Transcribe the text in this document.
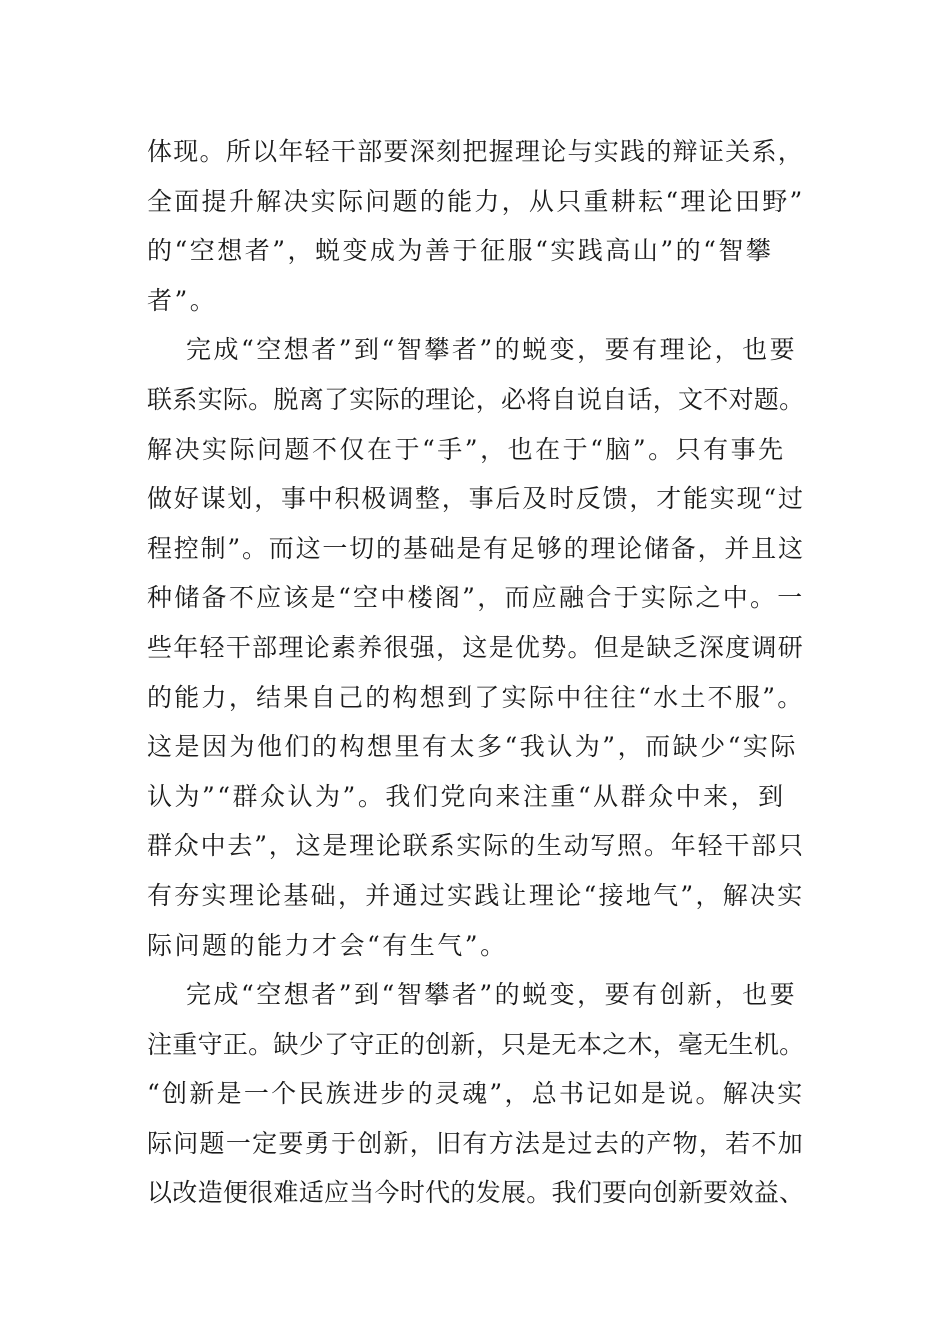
体现。所以年轻干部要深刻把握理论与实践的辩证关系，
全面提升解决实际问题的能力，从只重耕耘“理论田野”
的“空想者”，蜕变成为善于征服“实践高山”的“智攀
者”。
完成“空想者”到“智攀者”的蜕变，要有理论，也要
联系实际。脱离了实际的理论，必将自说自话，文不对题。
解决实际问题不仅在于“手”，也在于“脑”。只有事先
做好谋划，事中积极调整，事后及时反馈，才能实现“过
程控制”。而这一切的基础是有足够的理论储备，并且这
种储备不应该是“空中楼阁”，而应融合于实际之中。一
些年轻干部理论素养很强，这是优势。但是缺乏深度调研
的能力，结果自己的构想到了实际中往往“水土不服”。
这是因为他们的构想里有太多“我认为”，而缺少“实际
认为”“群众认为”。我们党向来注重“从群众中来，到
群众中去”，这是理论联系实际的生动写照。年轻干部只
有夯实理论基础，并通过实践让理论“接地气”，解决实
际问题的能力才会“有生气”。
完成“空想者”到“智攀者”的蜕变，要有创新，也要
注重守正。缺少了守正的创新，只是无本之木，毫无生机。
“创新是一个民族进步的灵魂”，总书记如是说。解决实
际问题一定要勇于创新，旧有方法是过去的产物，若不加
以改造便很难适应当今时代的发展。我们要向创新要效益、
